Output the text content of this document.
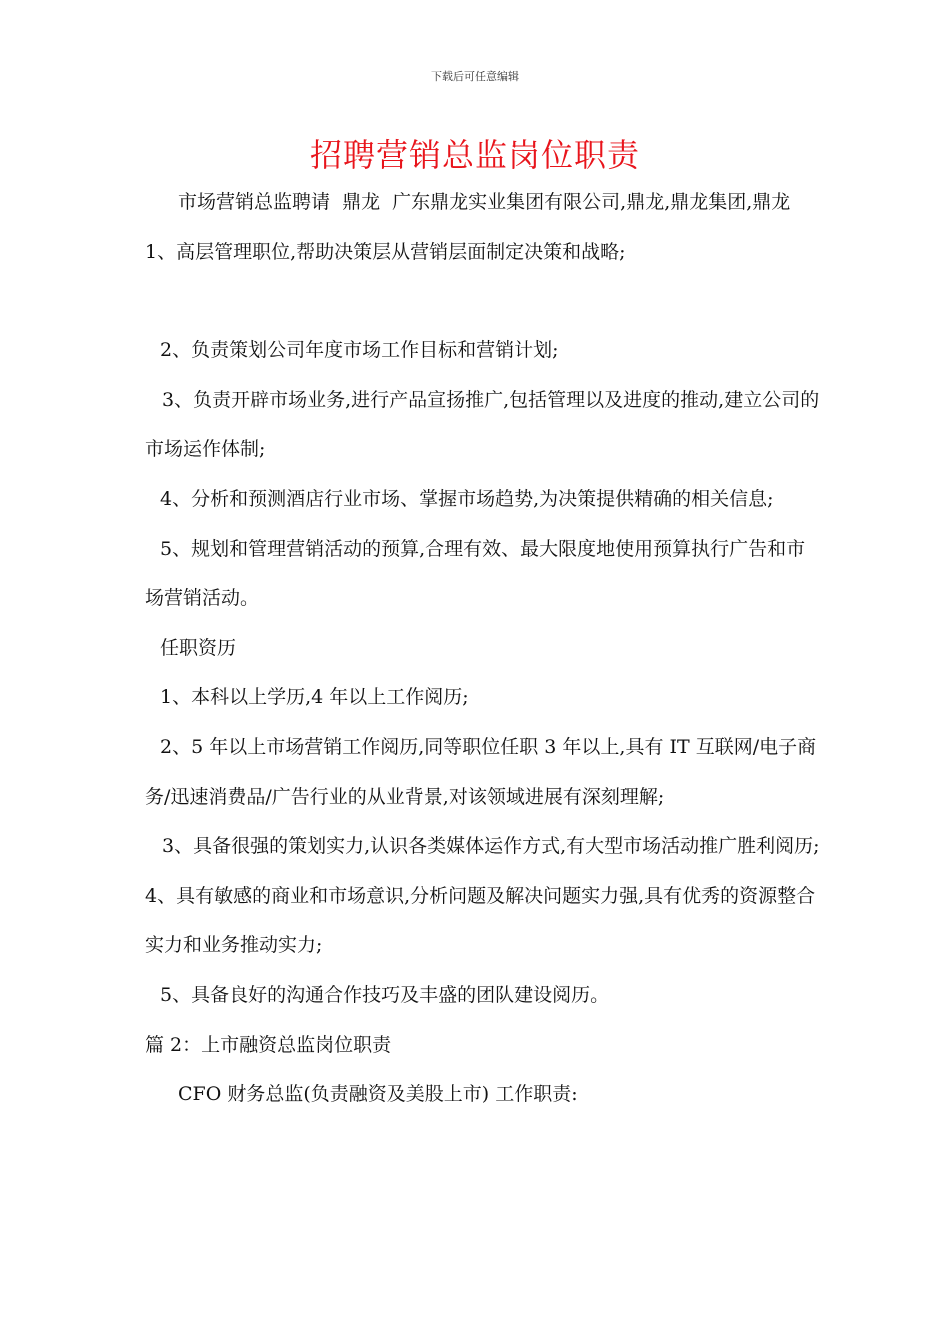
下载后可任意编辑
招聘营销总监岗位职责

市场营销总监聘请  鼎龙  广东鼎龙实业集团有限公司,鼎龙,鼎龙集团,鼎龙  1、高层管理职位,帮助决策层从营销层面制定决策和战略;

2、负责策划公司年度市场工作目标和营销计划;

3、负责开辟市场业务,进行产品宣扬推广,包括管理以及进度的推动,建立公司的市场运作体制;

4、分析和预测酒店行业市场、掌握市场趋势,为决策提供精确的相关信息;

5、规划和管理营销活动的预算,合理有效、最大限度地使用预算执行广告和市场营销活动。

任职资历

1、本科以上学历,4 年以上工作阅历;

2、5 年以上市场营销工作阅历,同等职位任职 3 年以上,具有 IT 互联网/电子商务/迅速消费品/广告行业的从业背景,对该领域进展有深刻理解;

3、具备很强的策划实力,认识各类媒体运作方式,有大型市场活动推广胜利阅历;4、具有敏感的商业和市场意识,分析问题及解决问题实力强,具有优秀的资源整合实力和业务推动实力;

5、具备良好的沟通合作技巧及丰盛的团队建设阅历。

篇 2：上市融资总监岗位职责

CFO 财务总监(负责融资及美股上市) 工作职责:
